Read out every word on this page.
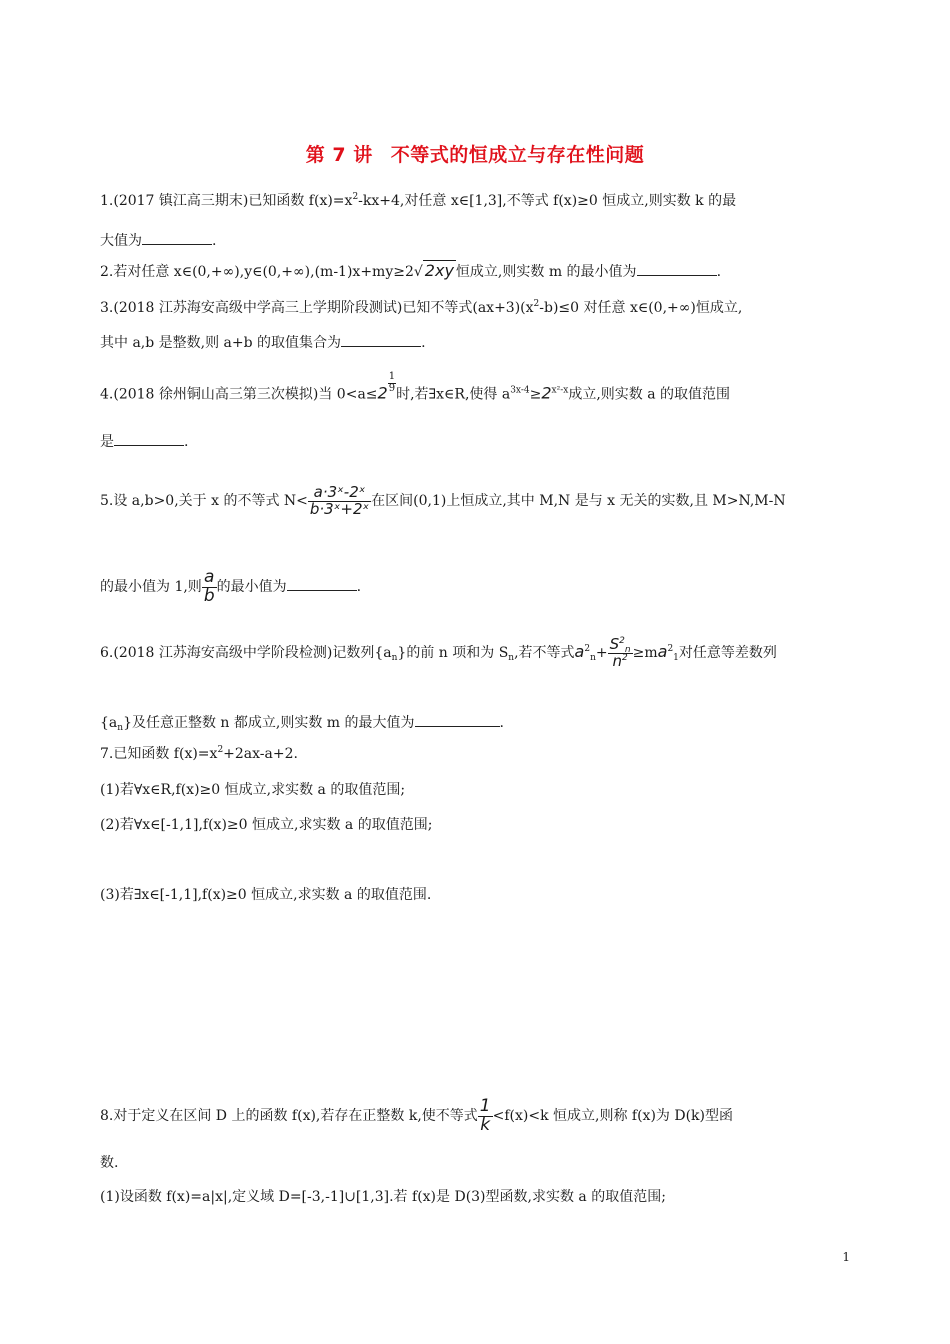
第 7 讲 不等式的恒成立与存在性问题
1.(2017 镇江高三期末)已知函数 $f(x)=x^2-kx+4$,对任意 x∈[1,3],不等式 f(x)≥0 恒成立,则实数 k 的最
大值为	.
2.若对任意 x∈(0,+∞),y∈(0,+∞),(m-1)x+my≥2√ 2xy 恒成立,则实数 m 的最小值为	.
3.(2018 江苏海安高级中学高三上学期阶段测试)已知不等式$(ax+3)(x^2-b)\le 0$ 对任意 x∈(0,+∞)恒成立,
其中 a,b 是整数,则 a+b 的取值集合为	.
4.(2018 徐州铜山高三第三次模拟)当 $0<a\le 2 \frac{1}{9}$
时,若∃x∈R,使得 $a^{3x-4}\ge 2^{x^2-x}$成立,则实数 a 的取值范围
是	.
5.设 a,b>0,关于 x 的不等式 $N< \frac{\text{a·3ˣ-2ˣ}}{\text{b·3ˣ+2ˣ}}$ 在区间(0,1)上恒成立,其中 M,N 是与 x 无关的实数,且 M>N,M-N
的最小值为 1,则 $\frac{a}{b}$ 的最小值为	.
6.(2018 江苏海安高级中学阶段检测)记数列$\{a_n\}$的前 n 项和为 $S_n$,若不等式$a^2_n+ \frac{S^2_n}{n^2} \ge ma^2_1$对任意等差数列
$\{a_n\}$及任意正整数 n 都成立,则实数 m 的最大值为	.
7.已知函数 $f(x)=x^2+2ax-a+2$.
(1)若∀x∈R,f(x)≥0 恒成立,求实数 a 的取值范围;
(2)若∀x∈[-1,1],f(x)≥0 恒成立,求实数 a 的取值范围;
(3)若∃x∈[-1,1],f(x)≥0 恒成立,求实数 a 的取值范围.
8.对于定义在区间 D 上的函数 f(x),若存在正整数 k,使不等式 $\frac{1}{k} <f(x)<k$ 恒成立,则称 f(x)为 D(k)型函
数.
(1)设函数 f(x)=a|x|,定义域 D=[-3,-1]∪[1,3].若 f(x)是 D(3)型函数,求实数 a 的取值范围;
1
